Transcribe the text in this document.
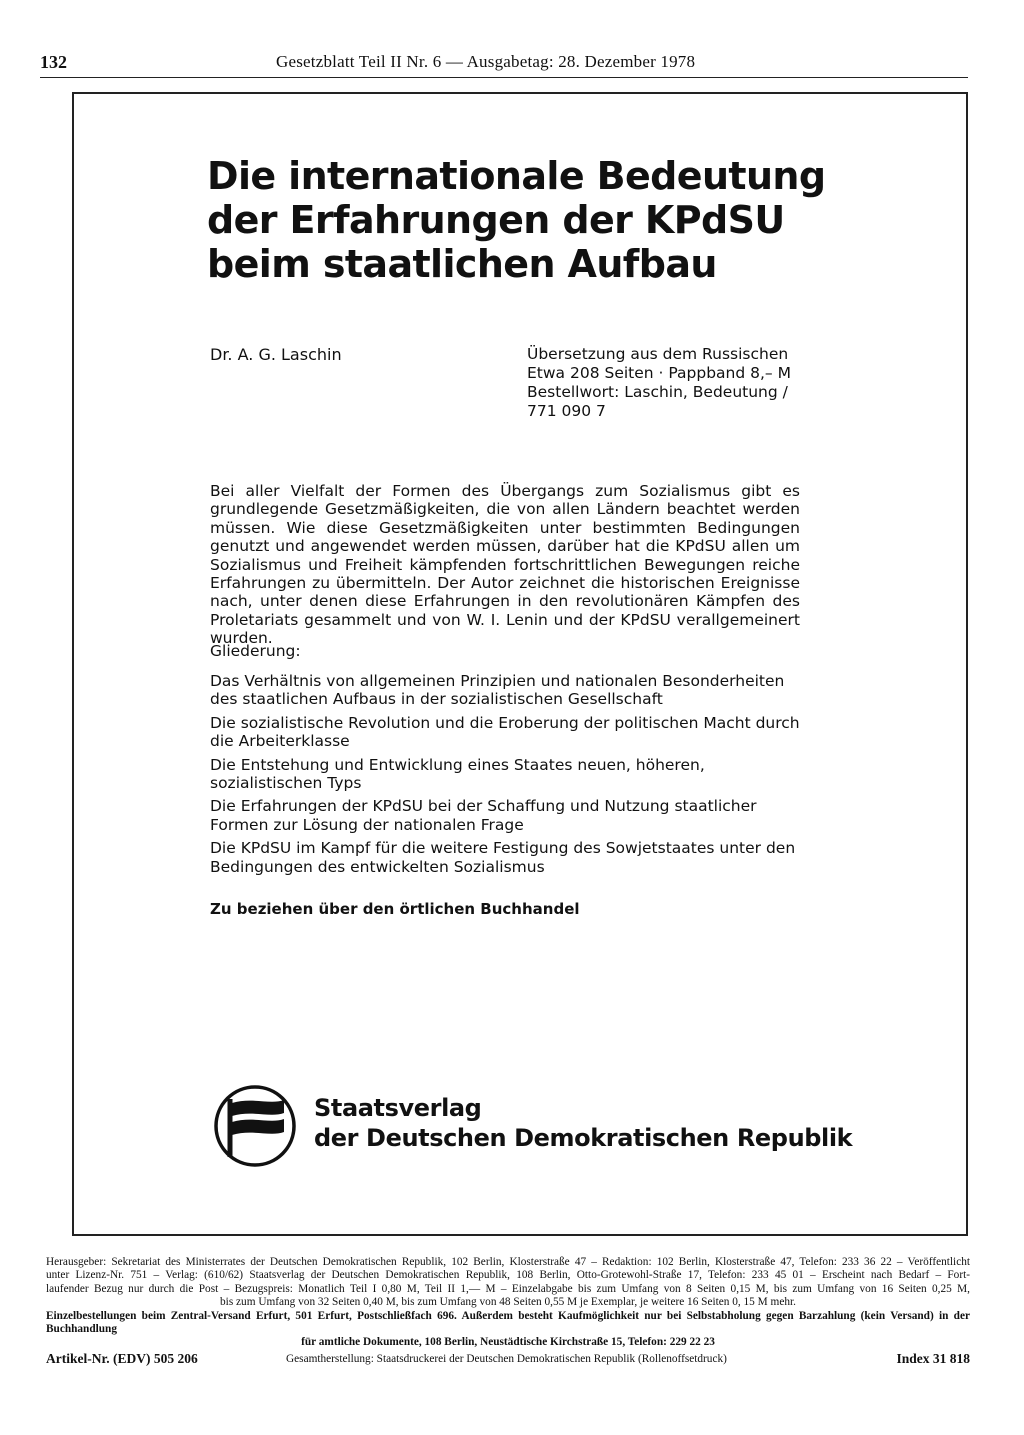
132	Gesetzblatt Teil II Nr. 6 — Ausgabetag: 28. Dezember 1978
Die internationale Bedeutung
der Erfahrungen der KPdSU
beim staatlichen Aufbau
Dr. A. G. Laschin	Übersetzung aus dem Russischen
Etwa 208 Seiten · Pappband 8,– M
Bestellwort: Laschin, Bedeutung /
771 090 7

Bei aller Vielfalt der Formen des Übergangs zum Sozialismus gibt es grundlegende Gesetzmäßigkeiten, die von allen Ländern beachtet werden müssen. Wie diese Gesetzmäßigkeiten unter bestimmten Bedingungen genutzt und angewendet werden müssen, darüber hat die KPdSU allen um Sozialismus und Freiheit kämpfenden fortschrittlichen Bewegungen reiche Erfahrungen zu übermitteln. Der Autor zeichnet die historischen Ereignisse nach, unter denen diese Erfahrungen in den revolutionären Kämpfen des Proletariats gesammelt und von W. I. Lenin und der KPdSU verallgemeinert wurden.

Gliederung:
Das Verhältnis von allgemeinen Prinzipien und nationalen Besonderheiten des staatlichen Aufbaus in der sozialistischen Gesellschaft
Die sozialistische Revolution und die Eroberung der politischen Macht durch die Arbeiterklasse
Die Entstehung und Entwicklung eines Staates neuen, höheren, sozialistischen Typs
Die Erfahrungen der KPdSU bei der Schaffung und Nutzung staatlicher Formen zur Lösung der nationalen Frage
Die KPdSU im Kampf für die weitere Festigung des Sowjetstaates unter den Bedingungen des entwickelten Sozialismus
Zu beziehen über den örtlichen Buchhandel
Staatsverlag
der Deutschen Demokratischen Republik

Herausgeber: Sekretariat des Ministerrates der Deutschen Demokratischen Republik, 102 Berlin, Klosterstraße 47 – Redaktion: 102 Berlin, Klosterstraße 47, Telefon: 233 36 22 – Veröffentlicht

unter Lizenz-Nr. 751 – Verlag: (610/62) Staatsverlag der Deutschen Demokratischen Republik, 108 Berlin, Otto-Grotewohl-Straße 17, Telefon: 233 45 01 – Erscheint nach Bedarf – Fort-

laufender Bezug nur durch die Post – Bezugspreis: Monatlich Teil I 0,80 M, Teil II 1,— M – Einzelabgabe bis zum Umfang von 8 Seiten 0,15 M, bis zum Umfang von 16 Seiten 0,25 M,

bis zum Umfang von 32 Seiten 0,40 M, bis zum Umfang von 48 Seiten 0,55 M je Exemplar, je weitere 16 Seiten 0, 15 M mehr.

Einzelbestellungen beim Zentral-Versand Erfurt, 501 Erfurt, Postschließfach 696. Außerdem besteht Kaufmöglichkeit nur bei Selbstabholung gegen Barzahlung (kein Versand) in der Buchhandlung

für amtliche Dokumente, 108 Berlin, Neustädtische Kirchstraße 15, Telefon: 229 22 23

Artikel-Nr. (EDV) 505 206	Gesamtherstellung: Staatsdruckerei der Deutschen Demokratischen Republik (Rollenoffsetdruck)	Index 31 818
